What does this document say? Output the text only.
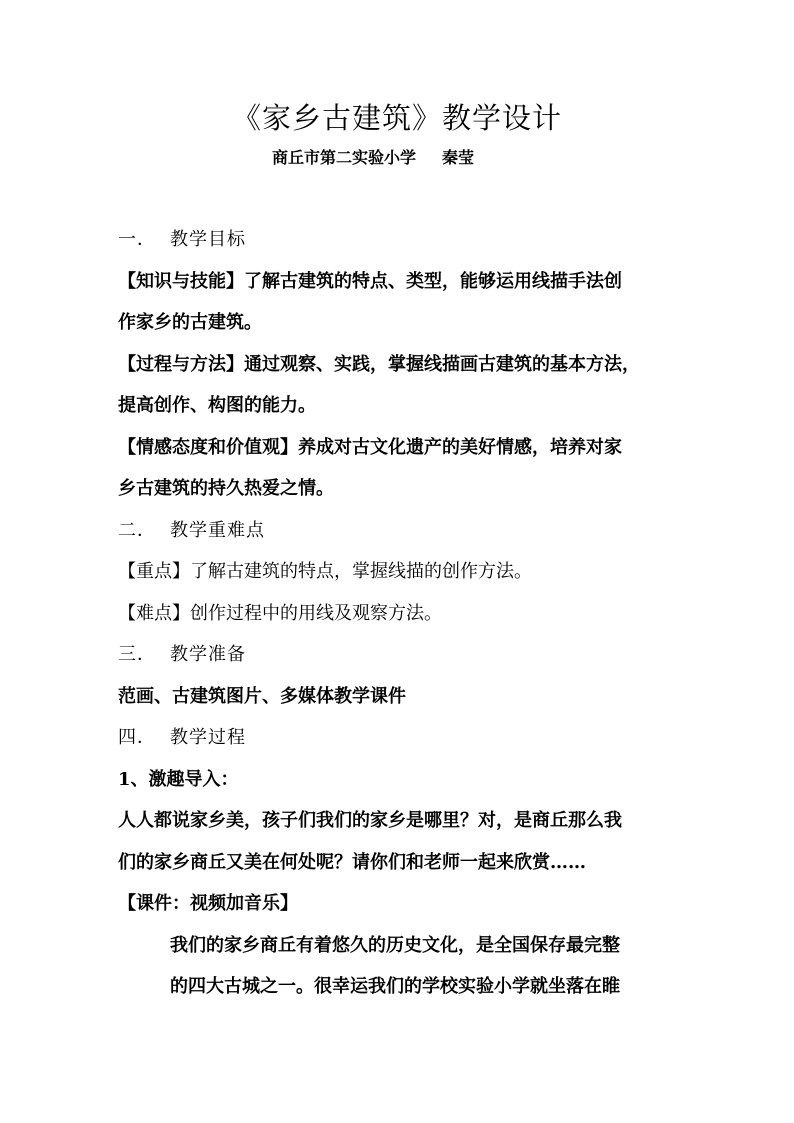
《家乡古建筑》教学设计
商丘市第二实验小学 秦莹

一． 教学目标

【知识与技能】了解古建筑的特点、类型，能够运用线描手法创

作家乡的古建筑。

【过程与方法】通过观察、实践，掌握线描画古建筑的基本方法，

提高创作、构图的能力。

【情感态度和价值观】养成对古文化遗产的美好情感，培养对家

乡古建筑的持久热爱之情。

二． 教学重难点

【重点】了解古建筑的特点，掌握线描的创作方法。

【难点】创作过程中的用线及观察方法。

三． 教学准备

范画、古建筑图片、多媒体教学课件

四． 教学过程

1、激趣导入：

人人都说家乡美，孩子们我们的家乡是哪里？对，是商丘那么我

们的家乡商丘又美在何处呢？请你们和老师一起来欣赏……

【课件：视频加音乐】

我们的家乡商丘有着悠久的历史文化，是全国保存最完整

的四大古城之一。很幸运我们的学校实验小学就坐落在睢
